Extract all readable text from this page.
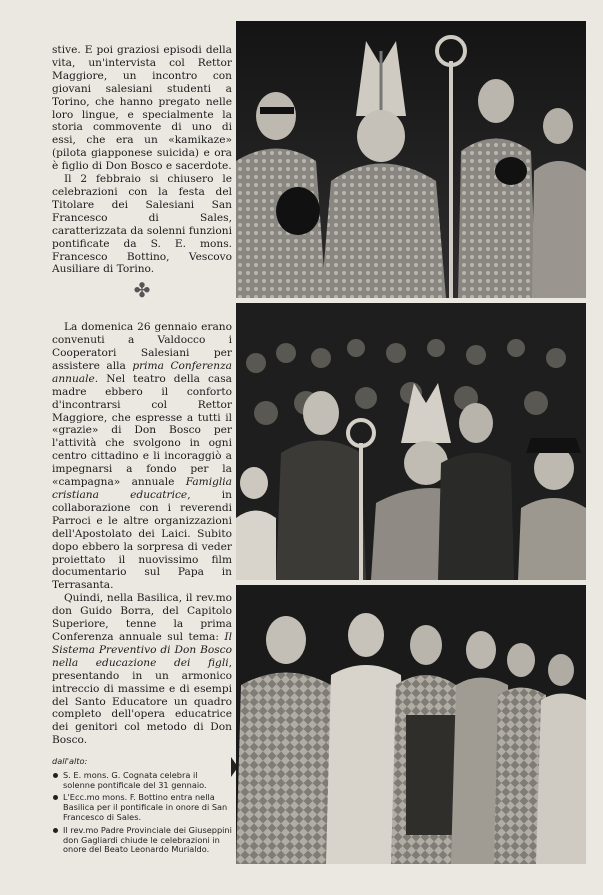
stive. E poi graziosi episodi della vita, un'intervista col Rettor Maggiore, un incontro con giovani salesiani studenti a Torino, che hanno pregato nelle loro lingue, e specialmente la storia commovente di uno di essi, che era un «kamikaze» (pilota giapponese suicida) e ora è figlio di Don Bosco e sacerdote.

Il 2 febbraio si chiusero le celebrazioni con la festa del Titolare dei Salesiani San Francesco di Sales, caratterizzata da solenni funzioni pontificate da S. E. mons. Francesco Bottino, Vescovo Ausiliare di Torino.

✤

La domenica 26 gennaio erano convenuti a Valdocco i Cooperatori Salesiani per assistere alla prima Conferenza annuale. Nel teatro della casa madre ebbero il conforto d'incontrarsi col Rettor Maggiore, che espresse a tutti il «grazie» di Don Bosco per l'attività che svolgono in ogni centro cittadino e li incoraggiò a impegnarsi a fondo per la «campagna» annuale Famiglia cristiana educatrice, in collaborazione con i reverendi Parroci e le altre organizzazioni dell'Apostolato dei Laici. Subito dopo ebbero la sorpresa di veder proiettato il nuovissimo film documentario sul Papa in Terrasanta.

Quindi, nella Basilica, il rev.mo don Guido Borra, del Capitolo Superiore, tenne la prima Conferenza annuale sul tema: Il Sistema Preventivo di Don Bosco nella educazione dei figli, presentando in un armonico intreccio di massime e di esempi del Santo Educatore un quadro completo dell'opera educatrice dei genitori col metodo di Don Bosco.

dall'alto:
S. E. mons. G. Cognata celebra il solenne pontificale del 31 gennaio.
L'Ecc.mo mons. F. Bottino entra nella Basilica per il pontificale in onore di San Francesco di Sales.
Il rev.mo Padre Provinciale dei Giuseppini don Gagliardi chiude le celebrazioni in onore del Beato Leonardo Murialdo.
